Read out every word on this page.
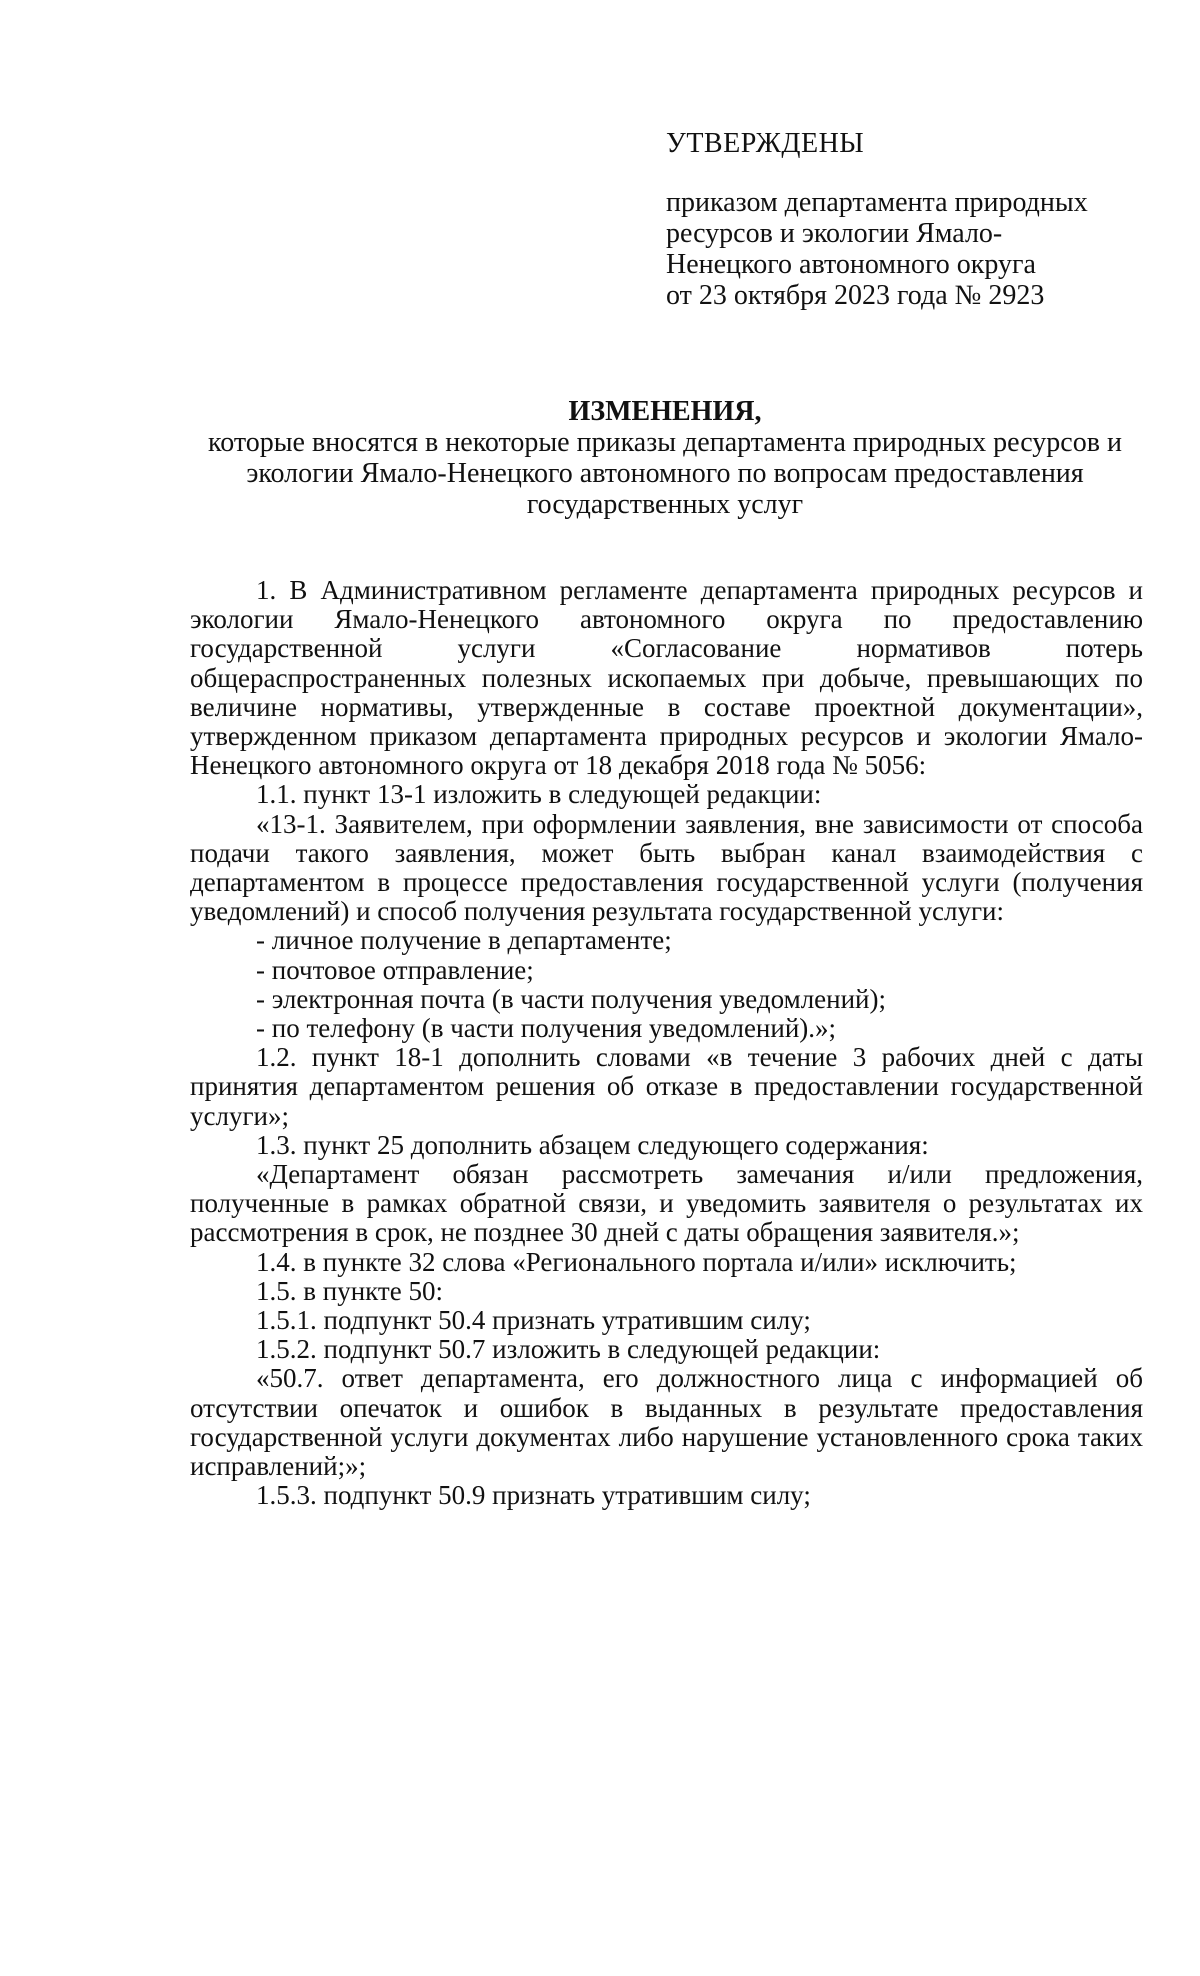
УТВЕРЖДЕНЫ
приказом департамента природных
ресурсов и экологии Ямало-
Ненецкого автономного округа
от 23 октября 2023 года № 2923
ИЗМЕНЕНИЯ,
которые вносятся в некоторые приказы департамента природных ресурсов и
экологии Ямало-Ненецкого автономного по вопросам предоставления
государственных услуг

1. В Административном регламенте департамента природных ресурсов и экологии Ямало-Ненецкого автономного округа по предоставлению государственной услуги «Согласование нормативов потерь общераспространенных полезных ископаемых при добыче, превышающих по величине нормативы, утвержденные в составе проектной документации», утвержденном приказом департамента природных ресурсов и экологии Ямало-Ненецкого автономного округа от 18 декабря 2018 года № 5056:

1.1. пункт 13-1 изложить в следующей редакции:

«13-1. Заявителем, при оформлении заявления, вне зависимости от способа подачи такого заявления, может быть выбран канал взаимодействия с департаментом в процессе предоставления государственной услуги (получения уведомлений) и способ получения результата государственной услуги:

- личное получение в департаменте;

- почтовое отправление;

- электронная почта (в части получения уведомлений);

- по телефону (в части получения уведомлений).»;

1.2. пункт 18-1 дополнить словами «в течение 3 рабочих дней с даты принятия департаментом решения об отказе в предоставлении государственной услуги»;

1.3. пункт 25 дополнить абзацем следующего содержания:

«Департамент обязан рассмотреть замечания и/или предложения, полученные в рамках обратной связи, и уведомить заявителя о результатах их рассмотрения в срок, не позднее 30 дней с даты обращения заявителя.»;

1.4. в пункте 32 слова «Регионального портала и/или» исключить;

1.5. в пункте 50:

1.5.1. подпункт 50.4 признать утратившим силу;

1.5.2. подпункт 50.7 изложить в следующей редакции:

«50.7. ответ департамента, его должностного лица с информацией об отсутствии опечаток и ошибок в выданных в результате предоставления государственной услуги документах либо нарушение установленного срока таких исправлений;»;

1.5.3. подпункт 50.9 признать утратившим силу;
